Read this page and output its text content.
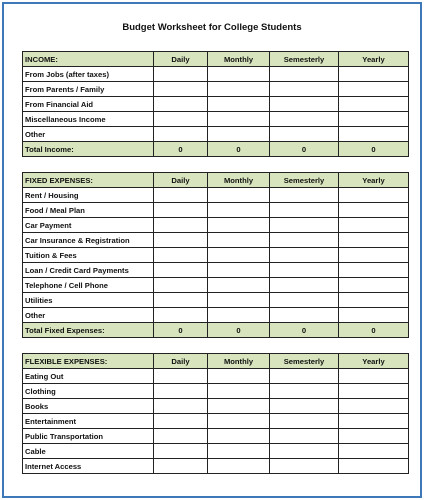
Budget Worksheet for College Students
INCOME:	Daily	Monthly	Semesterly	Yearly
From Jobs (after taxes)				
From Parents / Family				
From Financial Aid				
Miscellaneous Income				
Other				
Total Income:	0	0	0	0
FIXED EXPENSES:	Daily	Monthly	Semesterly	Yearly
Rent / Housing				
Food / Meal Plan				
Car Payment				
Car Insurance & Registration				
Tuition & Fees				
Loan / Credit Card Payments				
Telephone / Cell Phone				
Utilities				
Other				
Total Fixed Expenses:	0	0	0	0
FLEXIBLE EXPENSES:	Daily	Monthly	Semesterly	Yearly
Eating Out				
Clothing				
Books				
Entertainment				
Public Transportation				
Cable				
Internet Access				
